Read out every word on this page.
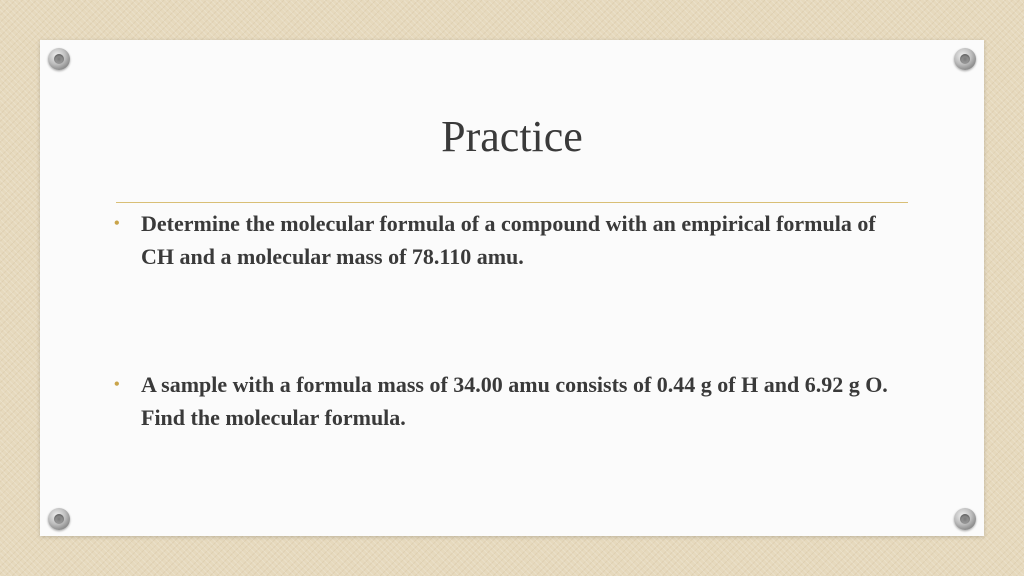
Practice
• Determine the molecular formula of a compound with an empirical formula of CH and a molecular mass of 78.110 amu.
• A sample with a formula mass of 34.00 amu consists of 0.44 g of H and 6.92 g O. Find the molecular formula.
